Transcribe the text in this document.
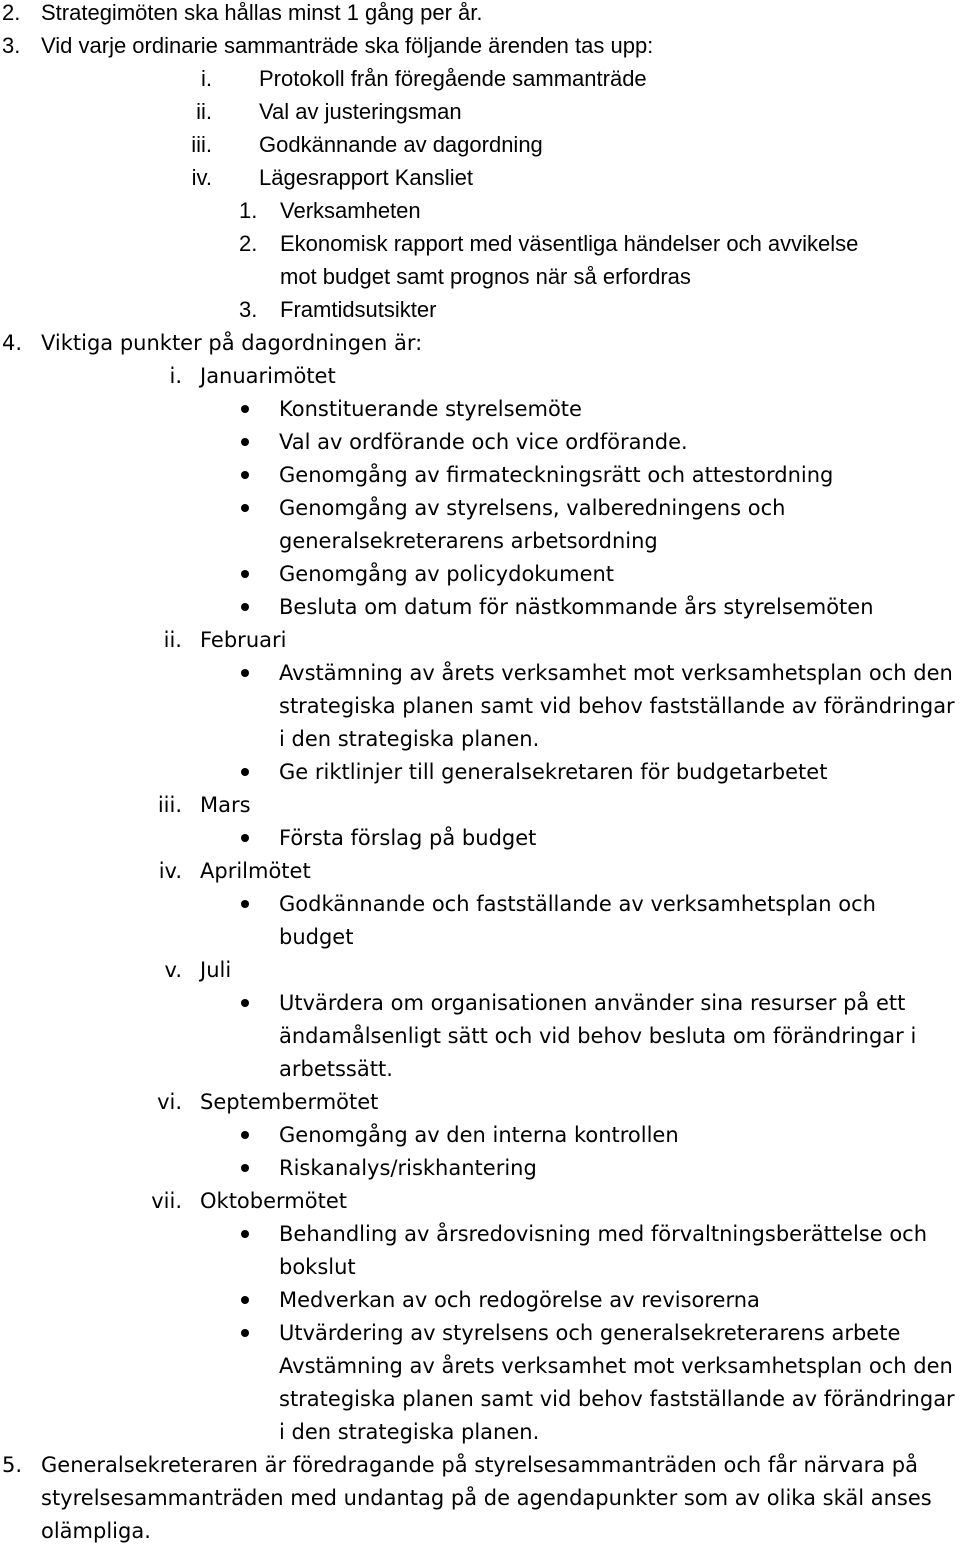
2. Strategimöten ska hållas minst 1 gång per år.
3. Vid varje ordinarie sammanträde ska följande ärenden tas upp:
i. Protokoll från föregående sammanträde
ii. Val av justeringsman
iii. Godkännande av dagordning
iv. Lägesrapport Kansliet
1. Verksamheten
2. Ekonomisk rapport med väsentliga händelser och avvikelse
mot budget samt prognos när så erfordras
3. Framtidsutsikter
4. Viktiga punkter på dagordningen är:
i. Januarimötet
Konstituerande styrelsemöte
Val av ordförande och vice ordförande.
Genomgång av firmateckningsrätt och attestordning
Genomgång av styrelsens, valberedningens och
generalsekreterarens arbetsordning
Genomgång av policydokument
Besluta om datum för nästkommande års styrelsemöten
ii. Februari
Avstämning av årets verksamhet mot verksamhetsplan och den
strategiska planen samt vid behov fastställande av förändringar
i den strategiska planen.
Ge riktlinjer till generalsekretaren för budgetarbetet
iii. Mars
Första förslag på budget
iv. Aprilmötet
Godkännande och fastställande av verksamhetsplan och
budget
v. Juli
Utvärdera om organisationen använder sina resurser på ett
ändamålsenligt sätt och vid behov besluta om förändringar i
arbetssätt.
vi. Septembermötet
Genomgång av den interna kontrollen
Riskanalys/riskhantering
vii. Oktobermötet
Behandling av årsredovisning med förvaltningsberättelse och
bokslut
Medverkan av och redogörelse av revisorerna
Utvärdering av styrelsens och generalsekreterarens arbete
Avstämning av årets verksamhet mot verksamhetsplan och den
strategiska planen samt vid behov fastställande av förändringar
i den strategiska planen.
5. Generalsekreteraren är föredragande på styrelsesammanträden och får närvara på
styrelsesammanträden med undantag på de agendapunkter som av olika skäl anses
olämpliga.
